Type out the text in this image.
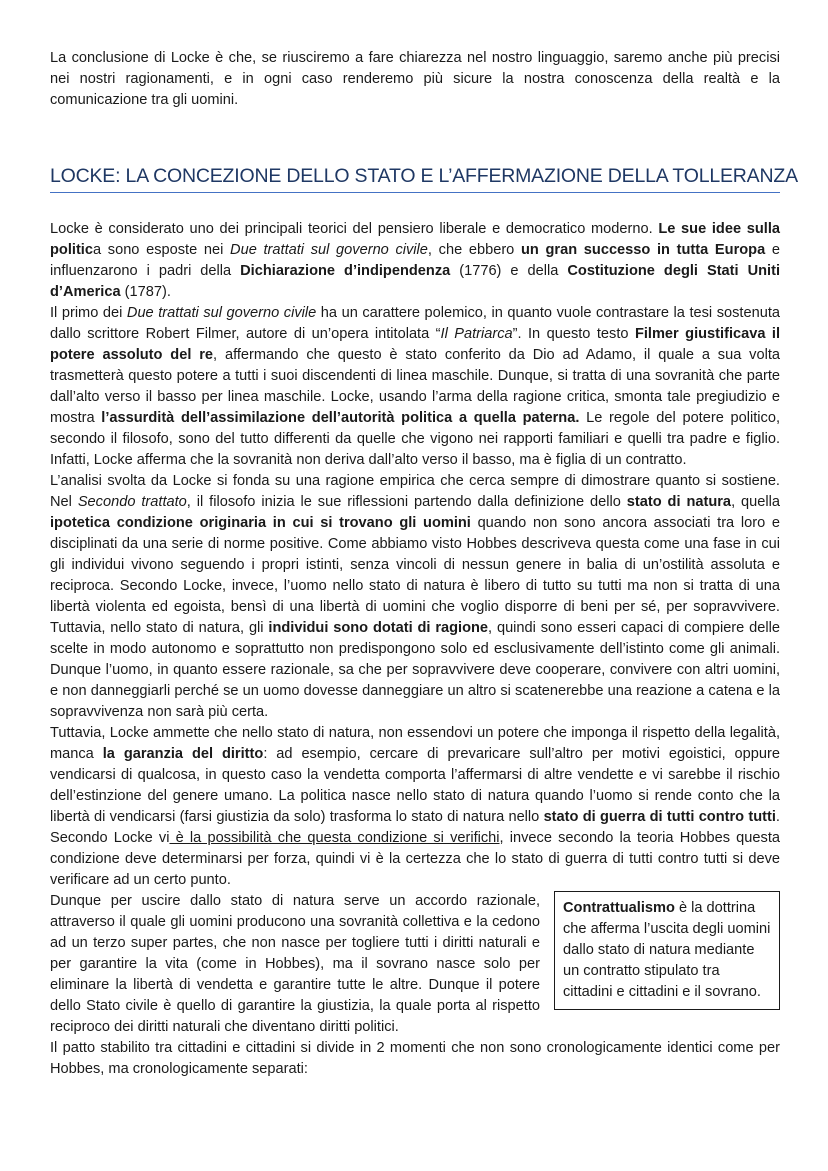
La conclusione di Locke è che, se riusciremo a fare chiarezza nel nostro linguaggio, saremo anche più precisi nei nostri ragionamenti, e in ogni caso renderemo più sicure la nostra conoscenza della realtà e la comunicazione tra gli uomini.

LOCKE: LA CONCEZIONE DELLO STATO E L’AFFERMAZIONE DELLA TOLLERANZA

Locke è considerato uno dei principali teorici del pensiero liberale e democratico moderno. Le sue idee sulla politica sono esposte nei Due trattati sul governo civile, che ebbero un gran successo in tutta Europa e influenzarono i padri della Dichiarazione d’indipendenza (1776) e della Costituzione degli Stati Uniti d’America (1787).

Il primo dei Due trattati sul governo civile ha un carattere polemico, in quanto vuole contrastare la tesi sostenuta dallo scrittore Robert Filmer, autore di un’opera intitolata “Il Patriarca”. In questo testo Filmer giustificava il potere assoluto del re, affermando che questo è stato conferito da Dio ad Adamo, il quale a sua volta trasmetterà questo potere a tutti i suoi discendenti di linea maschile. Dunque, si tratta di una sovranità che parte dall’alto verso il basso per linea maschile. Locke, usando l’arma della ragione critica, smonta tale pregiudizio e mostra l’assurdità dell’assimilazione dell’autorità politica a quella paterna. Le regole del potere politico, secondo il filosofo, sono del tutto differenti da quelle che vigono nei rapporti familiari e quelli tra padre e figlio. Infatti, Locke afferma che la sovranità non deriva dall’alto verso il basso, ma è figlia di un contratto.

L’analisi svolta da Locke si fonda su una ragione empirica che cerca sempre di dimostrare quanto si sostiene. Nel Secondo trattato, il filosofo inizia le sue riflessioni partendo dalla definizione dello stato di natura, quella ipotetica condizione originaria in cui si trovano gli uomini quando non sono ancora associati tra loro e disciplinati da una serie di norme positive. Come abbiamo visto Hobbes descriveva questa come una fase in cui gli individui vivono seguendo i propri istinti, senza vincoli di nessun genere in balia di un’ostilità assoluta e reciproca. Secondo Locke, invece, l’uomo nello stato di natura è libero di tutto su tutti ma non si tratta di una libertà violenta ed egoista, bensì di una libertà di uomini che voglio disporre di beni per sé, per sopravvivere. Tuttavia, nello stato di natura, gli individui sono dotati di ragione, quindi sono esseri capaci di compiere delle scelte in modo autonomo e soprattutto non predispongono solo ed esclusivamente dell’istinto come gli animali. Dunque l’uomo, in quanto essere razionale, sa che per sopravvivere deve cooperare, convivere con altri uomini, e non danneggiarli perché se un uomo dovesse danneggiare un altro si scatenerebbe una reazione a catena e la sopravvivenza non sarà più certa.

Tuttavia, Locke ammette che nello stato di natura, non essendovi un potere che imponga il rispetto della legalità, manca la garanzia del diritto: ad esempio, cercare di prevaricare sull’altro per motivi egoistici, oppure vendicarsi di qualcosa, in questo caso la vendetta comporta l’affermarsi di altre vendette e vi sarebbe il rischio dell’estinzione del genere umano. La politica nasce nello stato di natura quando l’uomo si rende conto che la libertà di vendicarsi (farsi giustizia da solo) trasforma lo stato di natura nello stato di guerra di tutti contro tutti. Secondo Locke vi è la possibilità che questa condizione si verifichi, invece secondo la teoria Hobbes questa condizione deve determinarsi per forza, quindi vi è la certezza che lo stato di guerra di tutti contro tutti si deve verificare ad un certo punto.

Contrattualismo è la dottrina che afferma l’uscita degli uomini dallo stato di natura mediante un contratto stipulato tra cittadini e cittadini e il sovrano.

Dunque per uscire dallo stato di natura serve un accordo razionale, attraverso il quale gli uomini producono una sovranità collettiva e la cedono ad un terzo super partes, che non nasce per togliere tutti i diritti naturali e per garantire la vita (come in Hobbes), ma il sovrano nasce solo per eliminare la libertà di vendetta e garantire tutte le altre. Dunque il potere dello Stato civile è quello di garantire la giustizia, la quale porta al rispetto reciproco dei diritti naturali che diventano diritti politici.

Il patto stabilito tra cittadini e cittadini si divide in 2 momenti che non sono cronologicamente identici come per Hobbes, ma cronologicamente separati:
